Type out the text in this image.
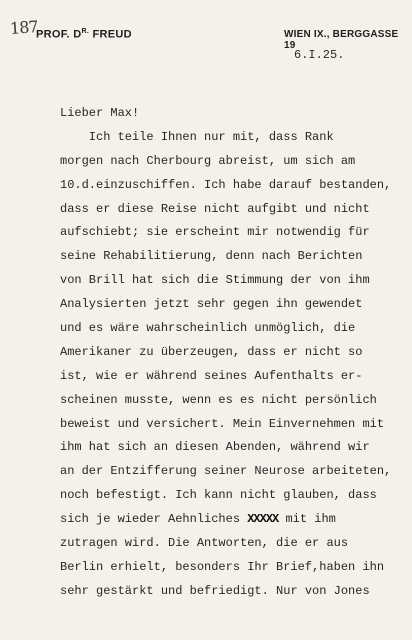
187
PROF. $D^{R.}$ FREUD	WIEN IX., BERGGASSE 19
6.I.25.
Lieber Max!
Ich teile Ihnen nur mit, dass Rank
morgen nach Cherbourg abreist, um sich am
10.d.einzuschiffen. Ich habe darauf bestanden,
dass er diese Reise nicht aufgibt und nicht
aufschiebt; sie erscheint mir notwendig für
seine Rehabilitierung, denn nach Berichten
von Brill hat sich die Stimmung der von ihm
Analysierten jetzt sehr gegen ihn gewendet
und es wäre wahrscheinlich unmöglich, die
Amerikaner zu überzeugen, dass er nicht so
ist, wie er während seines Aufenthalts er-
scheinen musste, wenn es es nicht persönlich
beweist und versichert. Mein Einvernehmen mit
ihm hat sich an diesen Abenden, während wir
an der Entzifferung seiner Neurose arbeiteten,
noch befestigt. Ich kann nicht glauben, dass
sich je wieder Aehnliches XXXXX mit ihm
zutragen wird. Die Antworten, die er aus
Berlin erhielt, besonders Ihr Brief,haben ihn
sehr gestärkt und befriedigt. Nur von Jones
